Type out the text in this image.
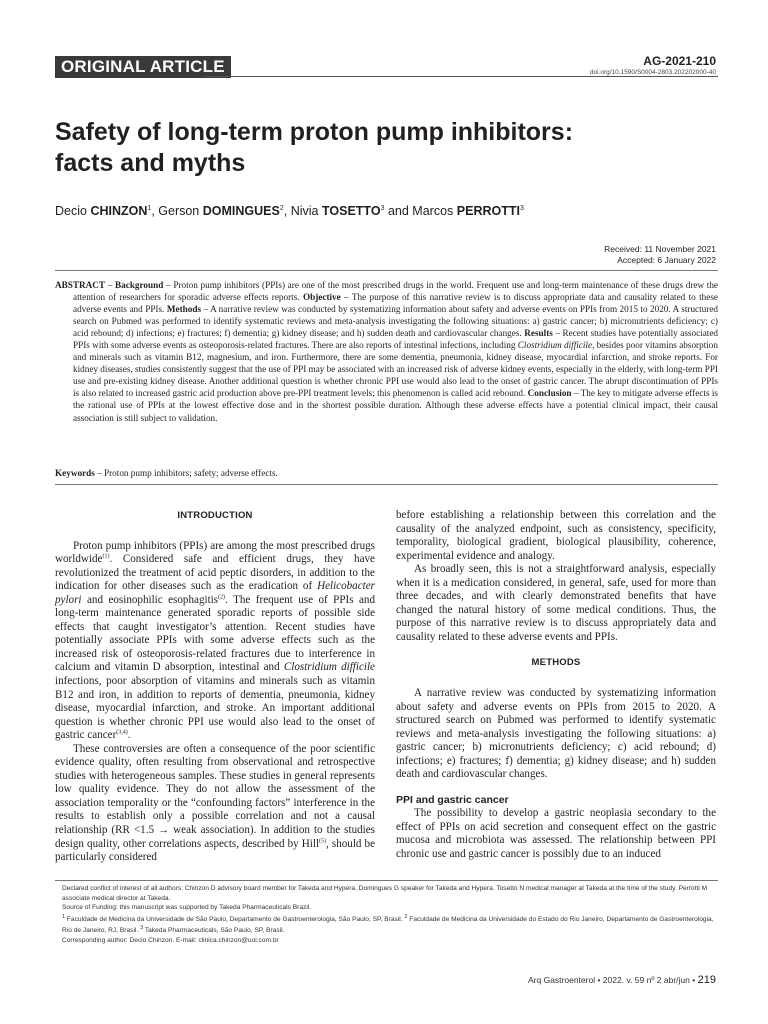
ORIGINAL ARTICLE	AG-2021-210
doi.org/10.1590/S0004-2803.202202000-40
Safety of long-term proton pump inhibitors:
facts and myths
Decio CHINZON$^1$, Gerson DOMINGUES$^2$, Nivia TOSETTO$^3$ and Marcos PERROTTI$^3$
Received: 11 November 2021
Accepted: 6 January 2022
ABSTRACT – Background – Proton pump inhibitors (PPIs) are one of the most prescribed drugs in the world. Frequent use and long-term maintenance of these drugs drew the attention of researchers for sporadic adverse effects reports. Objective – The purpose of this narrative review is to discuss appropriate data and causality related to these adverse events and PPIs. Methods – A narrative review was conducted by systematizing information about safety and adverse events on PPIs from 2015 to 2020. A structured search on Pubmed was performed to identify systematic reviews and meta-analysis investigating the following situations: a) gastric cancer; b) micronutrients deficiency; c) acid rebound; d) infections; e) fractures; f) dementia; g) kidney disease; and h) sudden death and cardiovascular changes. Results – Recent studies have potentially associated PPIs with some adverse events as osteoporosis-related fractures. There are also reports of intestinal infections, including Clostridium difficile, besides poor vitamins absorption and minerals such as vitamin B12, magnesium, and iron. Furthermore, there are some dementia, pneumonia, kidney disease, myocardial infarction, and stroke reports. For kidney diseases, studies consistently suggest that the use of PPI may be associated with an increased risk of adverse kidney events, especially in the elderly, with long-term PPI use and pre-existing kidney disease. Another additional question is whether chronic PPI use would also lead to the onset of gastric cancer. The abrupt discontinuation of PPIs is also related to increased gastric acid production above pre-PPI treatment levels; this phenomenon is called acid rebound. Conclusion – The key to mitigate adverse effects is the rational use of PPIs at the lowest effective dose and in the shortest possible duration. Although these adverse effects have a potential clinical impact, their causal association is still subject to validation.
Keywords – Proton pump inhibitors; safety; adverse effects.
INTRODUCTION

Proton pump inhibitors (PPIs) are among the most prescribed drugs worldwide$^{(1)}$. Considered safe and efficient drugs, they have revolutionized the treatment of acid peptic disorders, in addition to the indication for other diseases such as the eradication of Helicobacter pylori and eosinophilic esophagitis$^{(2)}$. The frequent use of PPIs and long-term maintenance generated sporadic reports of possible side effects that caught investigator’s attention. Recent studies have potentially associate PPIs with some adverse effects such as the increased risk of osteoporosis-related fractures due to interference in calcium and vitamin D absorption, intestinal and Clostridium difficile infections, poor absorption of vitamins and minerals such as vitamin B12 and iron, in addition to reports of dementia, pneumonia, kidney disease, myocardial infarction, and stroke. An important additional question is whether chronic PPI use would also lead to the onset of gastric cancer$^{(3,4)}$.

These controversies are often a consequence of the poor scientific evidence quality, often resulting from observational and retrospective studies with heterogeneous samples. These studies in general represents low quality evidence. They do not allow the assessment of the association temporality or the “confounding factors” interference in the results to establish only a possible correlation and not a causal relationship (RR <1.5 → weak association). In addition to the studies design quality, other correlations aspects, described by Hill$^{(5)}$, should be particularly considered

before establishing a relationship between this correlation and the causality of the analyzed endpoint, such as consistency, specificity, temporality, biological gradient, biological plausibility, coherence, experimental evidence and analogy.

As broadly seen, this is not a straightforward analysis, especially when it is a medication considered, in general, safe, used for more than three decades, and with clearly demonstrated benefits that have changed the natural history of some medical conditions. Thus, the purpose of this narrative review is to discuss appropriately data and causality related to these adverse events and PPIs.

METHODS

A narrative review was conducted by systematizing information about safety and adverse events on PPIs from 2015 to 2020. A structured search on Pubmed was performed to identify systematic reviews and meta-analysis investigating the following situations: a) gastric cancer; b) micronutrients deficiency; c) acid rebound; d) infections; e) fractures; f) dementia; g) kidney disease; and h) sudden death and cardiovascular changes.

PPI and gastric cancer

The possibility to develop a gastric neoplasia secondary to the effect of PPIs on acid secretion and consequent effect on the gastric mucosa and microbiota was assessed. The relationship between PPI chronic use and gastric cancer is possibly due to an induced

Declared conflict of interest of all authors: Chinzon D advisory board member for Takeda and Hypera. Domingues G speaker for Takeda and Hypera. Tosetto N medical manager at Takeda at the time of the study. Perrotti M associate medical director at Takeda.
Source of Funding: this manuscript was supported by Takeda Pharmaceuticals Brazil.
$^1$ Faculdade de Medicina da Universidade de São Paulo, Departamento de Gastroenterologia, São Paulo, SP, Brasil. $^2$ Faculdade de Medicina da Universidade do Estado do Rio Janeiro, Departamento de Gastroenterologia, Rio de Janeiro, RJ, Brasil. $^3$ Takeda Pharmaceuticals, São Paulo, SP, Brasil.
Corresponding author: Decio Chinzon. E-mail: clinica.chinzon@uol.com.br
Arq Gastroenterol • 2022. v. 59 nº 2 abr/jun • 219
